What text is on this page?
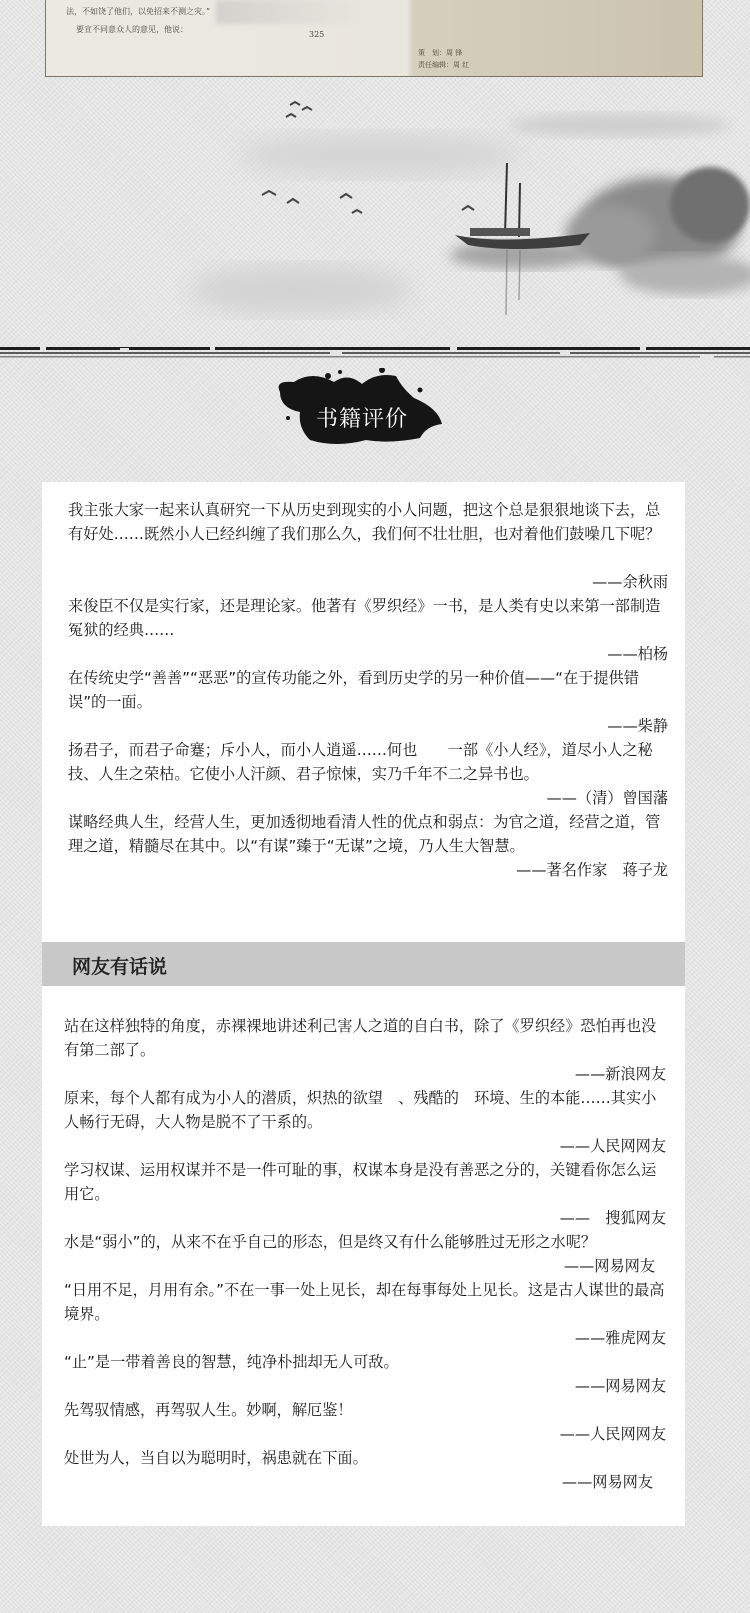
法，不如饶了他们，以免招来不测之灾。”
要宣不同意众人的意见，他说：
325
策　划：周 锋
责任编辑：周 红
书籍评价
我主张大家一起来认真研究一下从历史到现实的小人问题，把这个总是狠狠地谈下去，总有好处……既然小人已经纠缠了我们那么久，我们何不壮壮胆，也对着他们鼓噪几下呢？
——余秋雨
来俊臣不仅是实行家，还是理论家。他著有《罗织经》一书，是人类有史以来第一部制造冤狱的经典……
——柏杨
在传统史学“善善”“恶恶”的宣传功能之外，看到历史学的另一种价值——“在于提供错误”的一面。
——柴静
扬君子，而君子命蹇；斥小人，而小人逍遥……何也　　一部《小人经》，道尽小人之秘技、人生之荣枯。它使小人汗颜、君子惊悚，实乃千年不二之异书也。
——（清）曾国藩
谋略经典人生，经营人生，更加透彻地看清人性的优点和弱点：为官之道，经营之道，管理之道，精髓尽在其中。以“有谋”臻于“无谋”之境，乃人生大智慧。
——著名作家　蒋子龙
网友有话说
站在这样独特的角度，赤裸裸地讲述利己害人之道的自白书，除了《罗织经》恐怕再也没有第二部了。
——新浪网友
原来，每个人都有成为小人的潜质，炽热的欲望　、残酷的　环境、生的本能……其实小人畅行无碍，大人物是脱不了干系的。
——人民网网友
学习权谋、运用权谋并不是一件可耻的事，权谋本身是没有善恶之分的，关键看你怎么运用它。
——　搜狐网友
水是“弱小”的，从来不在乎自己的形态，但是终又有什么能够胜过无形之水呢？
——网易网友
“日用不足，月用有余。”不在一事一处上见长，却在每事每处上见长。这是古人谋世的最高境界。
——雅虎网友
“止”是一带着善良的智慧，纯净朴拙却无人可敌。
——网易网友
先驾驭情感，再驾驭人生。妙啊，解厄鉴！
——人民网网友
处世为人，当自以为聪明时，祸患就在下面。
——网易网友
